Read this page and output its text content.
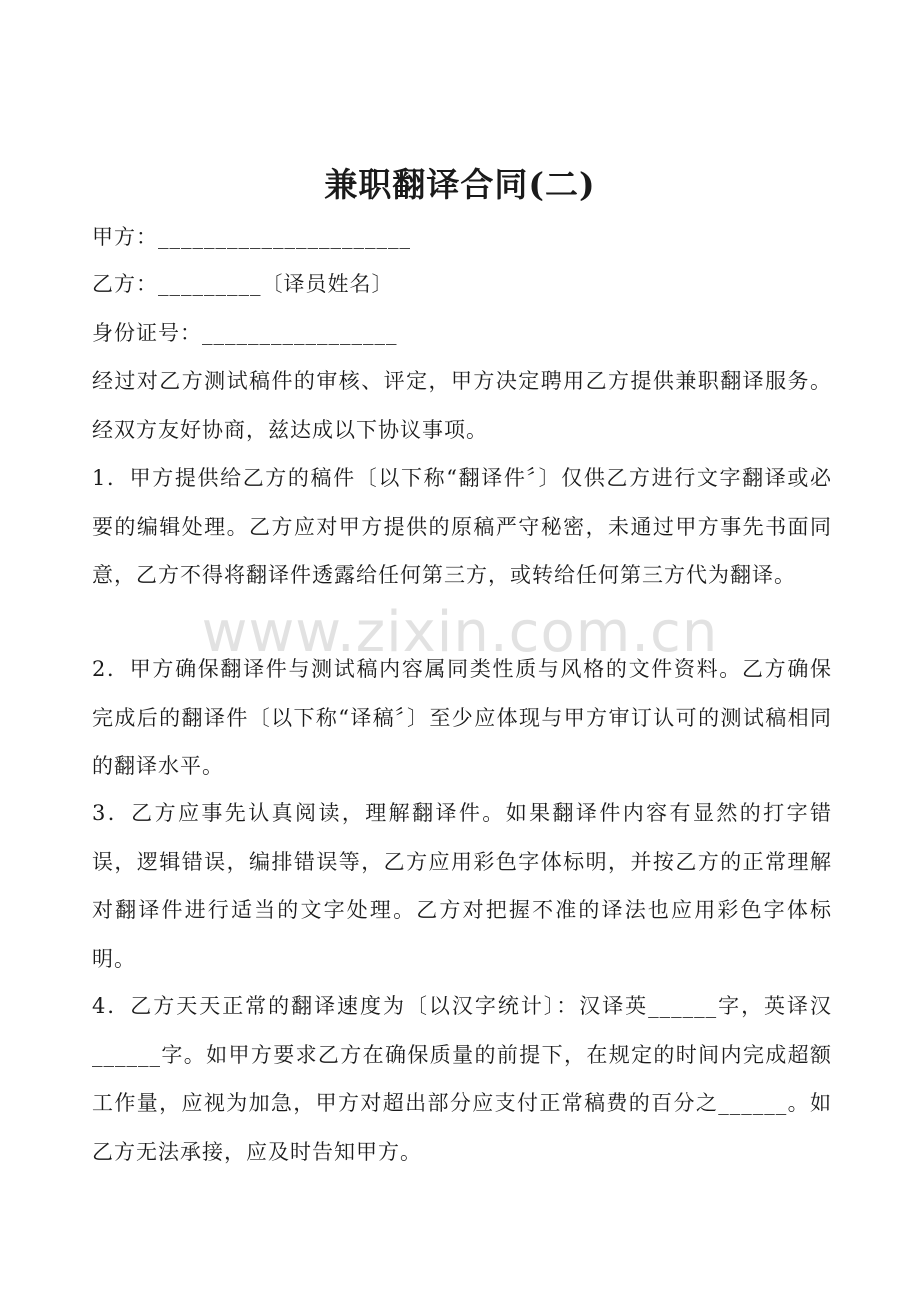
兼职翻译合同(二)
甲方：______________________
乙方：_________〔译员姓名〕
身份证号：_________________
经过对乙方测试稿件的审核、评定，甲方决定聘用乙方提供兼职翻译服务。经双方友好协商，兹达成以下协议事项。
1．甲方提供给乙方的稿件〔以下称“翻译件〞〕仅供乙方进行文字翻译或必要的编辑处理。乙方应对甲方提供的原稿严守秘密，未通过甲方事先书面同意，乙方不得将翻译件透露给任何第三方，或转给任何第三方代为翻译。
2．甲方确保翻译件与测试稿内容属同类性质与风格的文件资料。乙方确保完成后的翻译件〔以下称“译稿〞〕至少应体现与甲方审订认可的测试稿相同的翻译水平。
3．乙方应事先认真阅读，理解翻译件。如果翻译件内容有显然的打字错误，逻辑错误，编排错误等，乙方应用彩色字体标明，并按乙方的正常理解对翻译件进行适当的文字处理。乙方对把握不准的译法也应用彩色字体标明。
4．乙方天天正常的翻译速度为〔以汉字统计〕：汉译英______字，英译汉______字。如甲方要求乙方在确保质量的前提下，在规定的时间内完成超额工作量，应视为加急，甲方对超出部分应支付正常稿费的百分之______。如乙方无法承接，应及时告知甲方。
www.zixin.com.cn
